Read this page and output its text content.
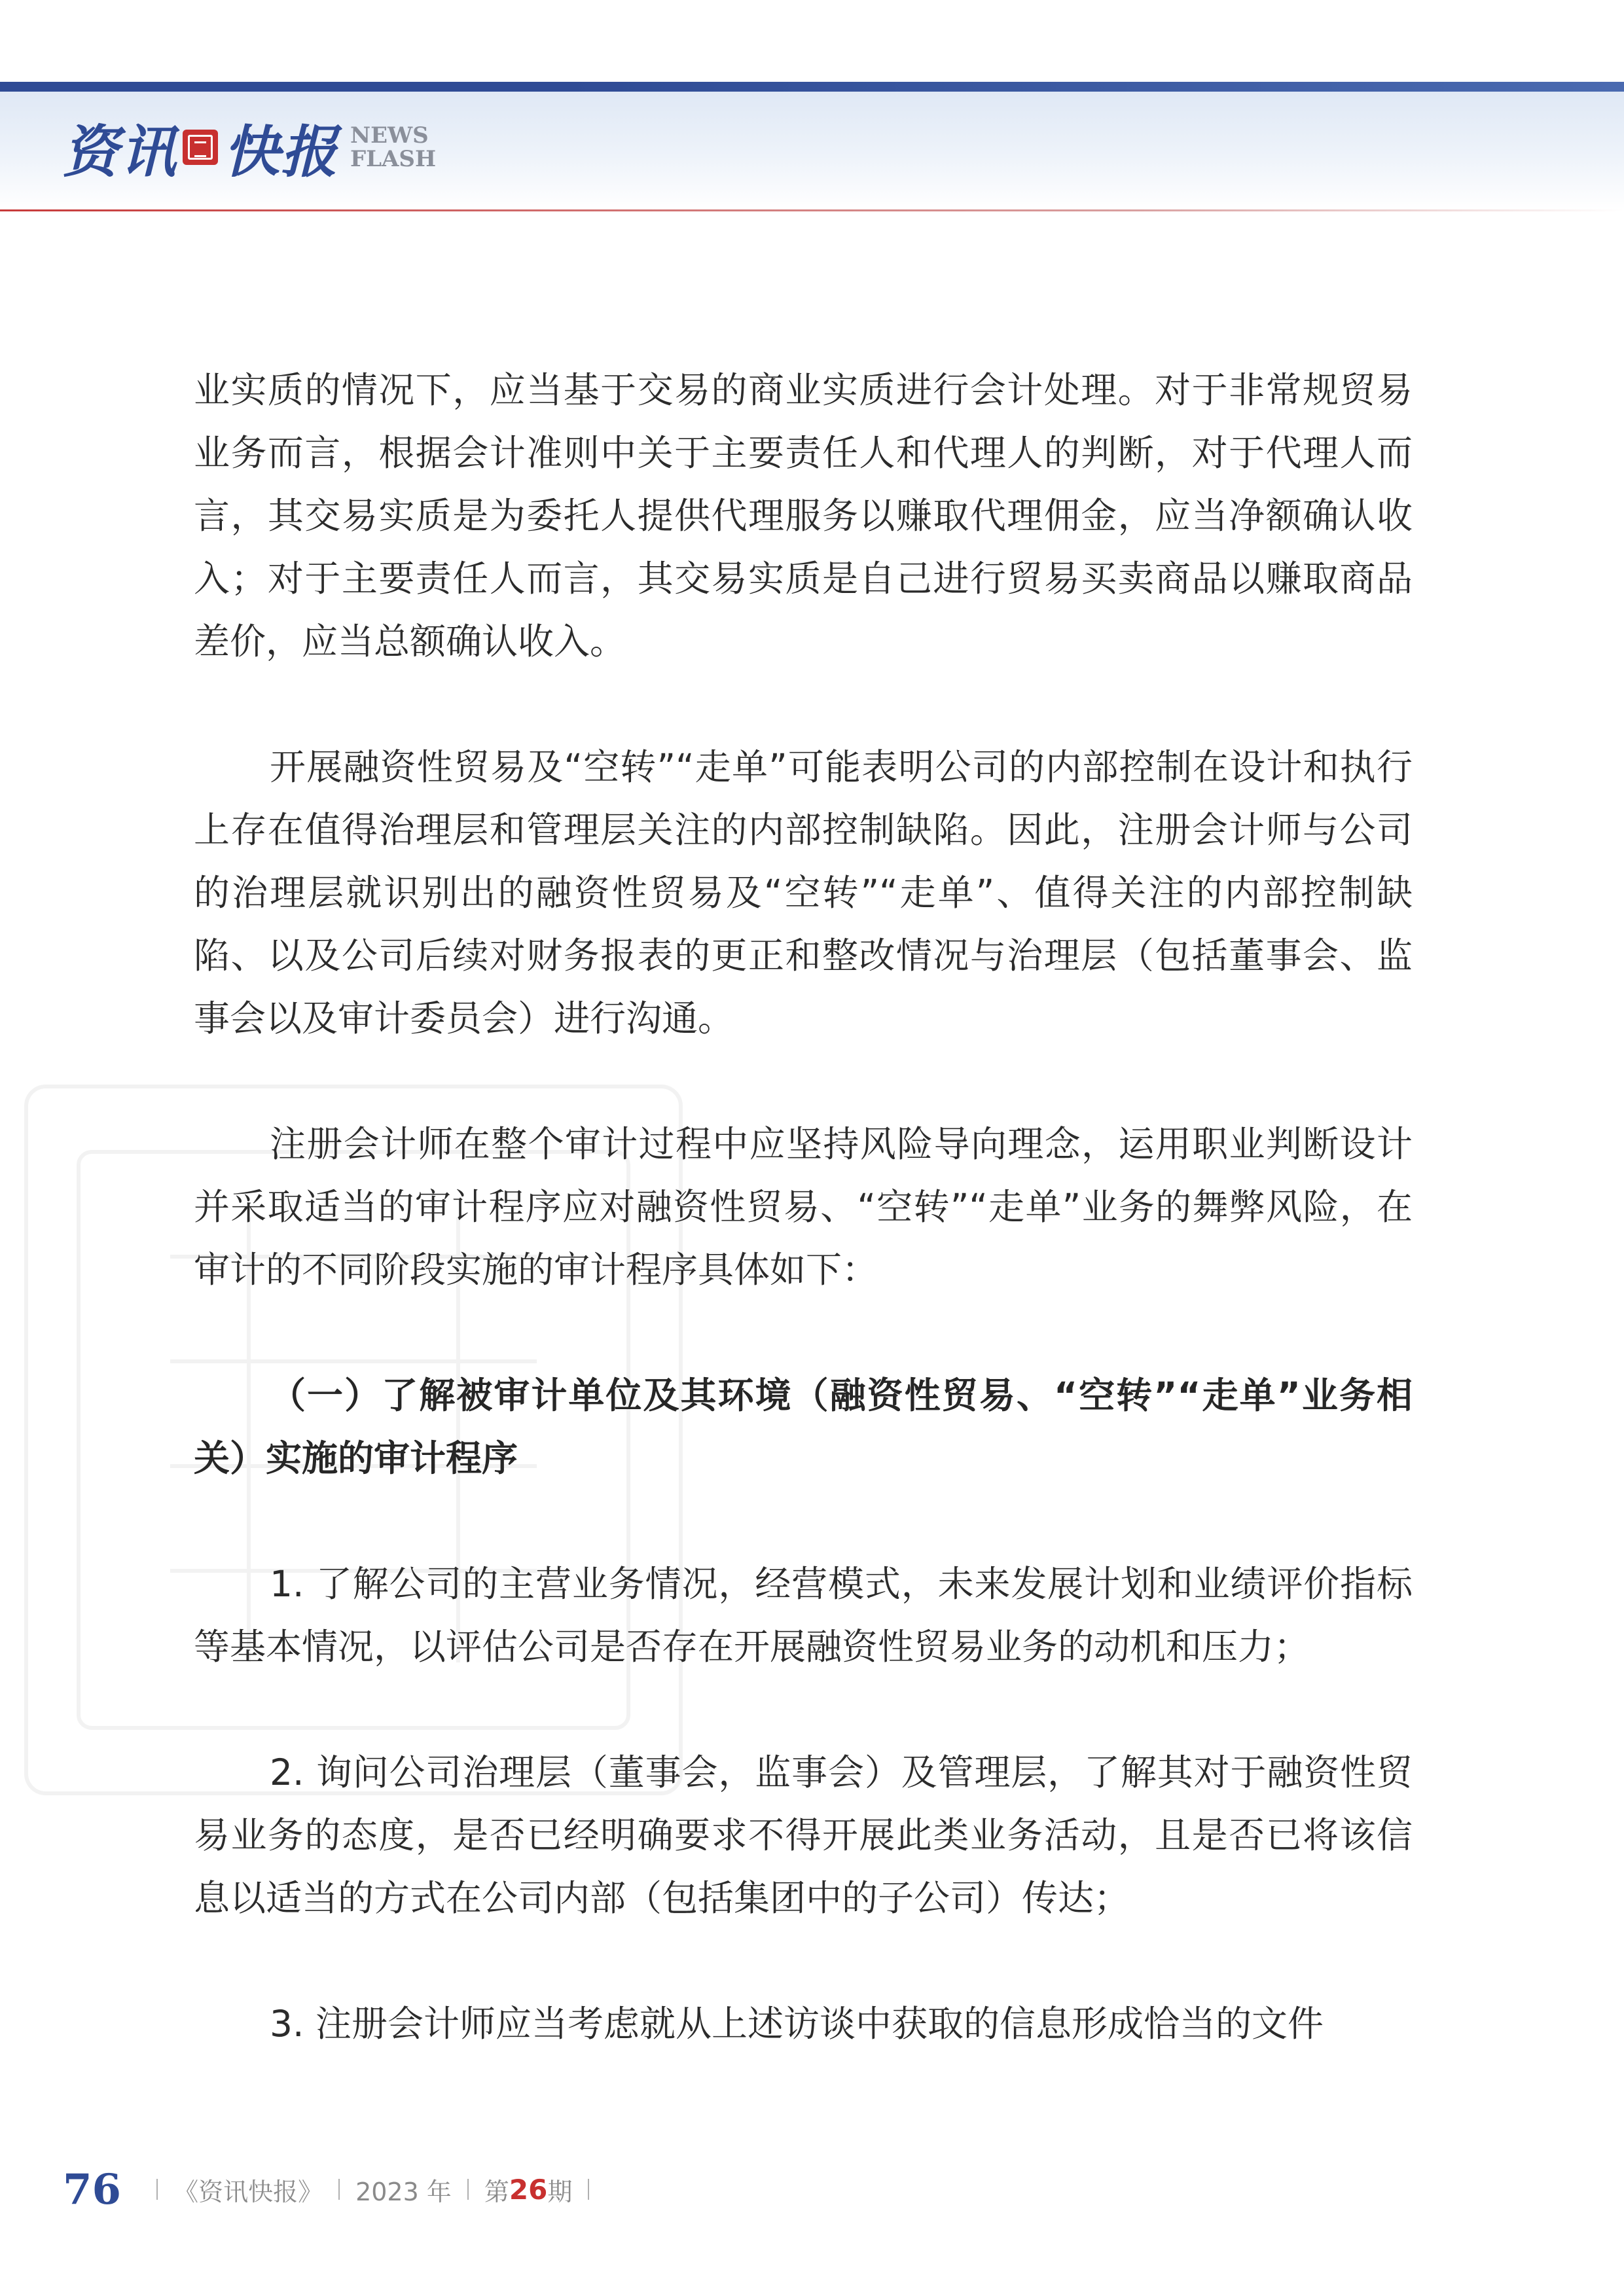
资讯 快报 NEWS
FLASH

业实质的情况下，应当基于交易的商业实质进行会计处理。对于非常规贸易业务而言，根据会计准则中关于主要责任人和代理人的判断，对于代理人而言，其交易实质是为委托人提供代理服务以赚取代理佣金，应当净额确认收入；对于主要责任人而言，其交易实质是自己进行贸易买卖商品以赚取商品差价，应当总额确认收入。

开展融资性贸易及“空转”“走单”可能表明公司的内部控制在设计和执行上存在值得治理层和管理层关注的内部控制缺陷。因此，注册会计师与公司的治理层就识别出的融资性贸易及“空转”“走单”、值得关注的内部控制缺陷、以及公司后续对财务报表的更正和整改情况与治理层（包括董事会、监事会以及审计委员会）进行沟通。

注册会计师在整个审计过程中应坚持风险导向理念，运用职业判断设计并采取适当的审计程序应对融资性贸易、“空转”“走单”业务的舞弊风险，在审计的不同阶段实施的审计程序具体如下：

（一）了解被审计单位及其环境（融资性贸易、“空转”“走单”业务相关）实施的审计程序

1. 了解公司的主营业务情况，经营模式，未来发展计划和业绩评价指标等基本情况，以评估公司是否存在开展融资性贸易业务的动机和压力；

2. 询问公司治理层（董事会，监事会）及管理层，了解其对于融资性贸易业务的态度，是否已经明确要求不得开展此类业务活动，且是否已将该信息以适当的方式在公司内部（包括集团中的子公司）传达；

3. 注册会计师应当考虑就从上述访谈中获取的信息形成恰当的文件

76 《资讯快报》 2023 年 第 26 期
